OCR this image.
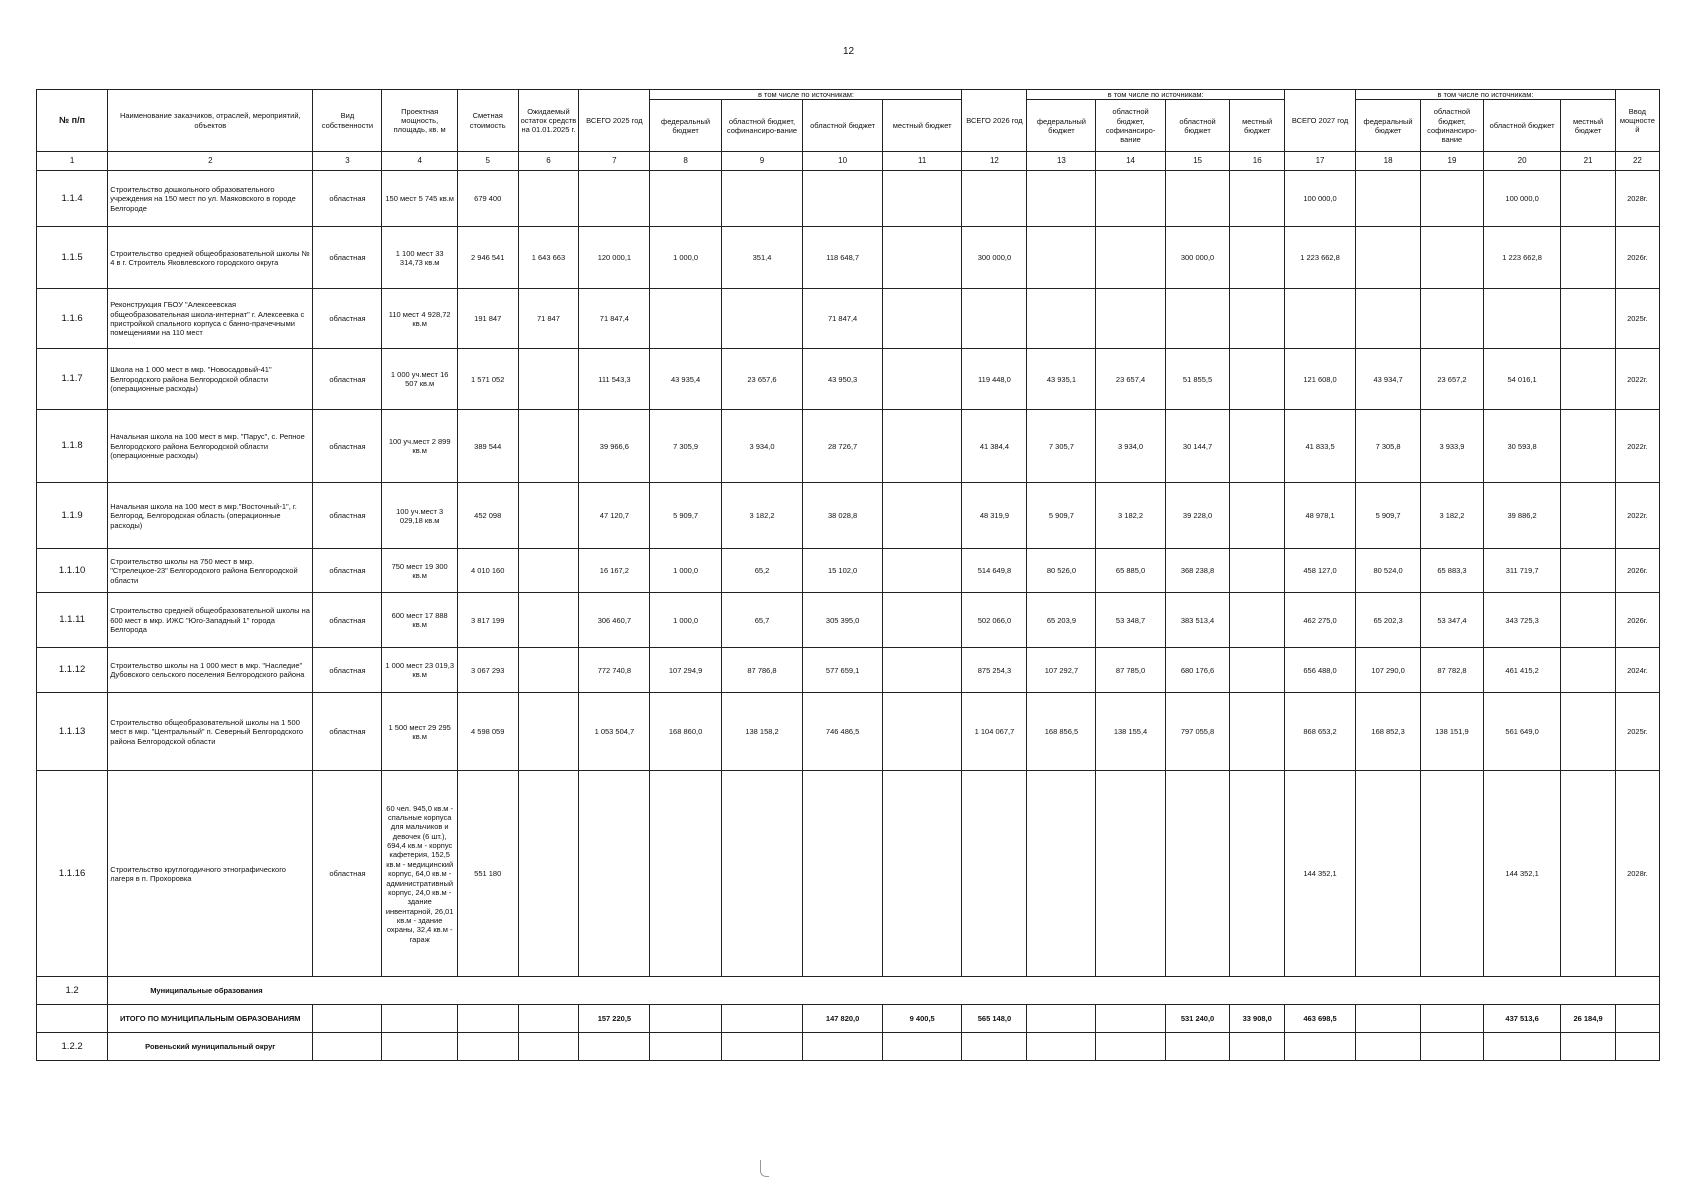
12
№ п/п	Наименование заказчиков, отраслей, мероприятий, объектов	Вид собственности	Проектная мощность, площадь, кв. м	Сметная стоимость	Ожидаемый остаток средств на 01.01.2025 г.	ВСЕГО 2025 год	в том числе по источникам:				ВСЕГО 2026 год	в том числе по источникам:				ВСЕГО 2027 год	в том числе по источникам:				Ввод мощностей
							федеральный бюджет	областной бюджет, софинансиро-вание	областной бюджет	местный бюджет		федеральный бюджет	областной бюджет, софинансиро-вание	областной бюджет	местный бюджет		федеральный бюджет	областной бюджет, софинансиро-вание	областной бюджет	местный бюджет	
1	2	3	4	5	6	7	8	9	10	11	12	13	14	15	16	17	18	19	20	21	22
1.1.4	Строительство дошкольного образовательного учреждения на 150 мест по ул. Маяковского в городе Белгороде	областная	150 мест 5 745 кв.м	679 400												100 000,0			100 000,0		2028г.
1.1.5	Строительство средней общеобразовательной школы № 4 в г. Строитель Яковлевского городского округа	областная	1 100 мест 33 314,73 кв.м	2 946 541	1 643 663	120 000,1	1 000,0	351,4	118 648,7		300 000,0			300 000,0		1 223 662,8			1 223 662,8		2026г.
1.1.6	Реконструкция ГБОУ "Алексеевская общеобразовательная школа-интернат" г. Алексеевка с пристройкой спального корпуса с банно-прачечными помещениями на 110 мест	областная	110 мест 4 928,72 кв.м	191 847	71 847	71 847,4			71 847,4												2025г.
1.1.7	Школа на 1 000 мест в мкр. "Новосадовый-41" Белгородского района Белгородской области (операционные расходы)	областная	1 000 уч.мест 16 507 кв.м	1 571 052		111 543,3	43 935,4	23 657,6	43 950,3		119 448,0	43 935,1	23 657,4	51 855,5		121 608,0	43 934,7	23 657,2	54 016,1		2022г.
1.1.8	Начальная школа на 100 мест в мкр. "Парус", с. Репное Белгородского района Белгородской области (операционные расходы)	областная	100 уч.мест 2 899 кв.м	389 544		39 966,6	7 305,9	3 934,0	28 726,7		41 384,4	7 305,7	3 934,0	30 144,7		41 833,5	7 305,8	3 933,9	30 593,8		2022г.
1.1.9	Начальная школа на 100 мест в мкр."Восточный-1", г. Белгород, Белгородская область (операционные расходы)	областная	100 уч.мест 3 029,18 кв.м	452 098		47 120,7	5 909,7	3 182,2	38 028,8		48 319,9	5 909,7	3 182,2	39 228,0		48 978,1	5 909,7	3 182,2	39 886,2		2022г.
1.1.10	Строительство школы на 750 мест в мкр. "Стрелецкое-23" Белгородского района Белгородской области	областная	750 мест 19 300 кв.м	4 010 160		16 167,2	1 000,0	65,2	15 102,0		514 649,8	80 526,0	65 885,0	368 238,8		458 127,0	80 524,0	65 883,3	311 719,7		2026г.
1.1.11	Строительство средней общеобразовательной школы на 600 мест в мкр. ИЖС "Юго-Западный 1" города Белгорода	областная	600 мест 17 888 кв.м	3 817 199		306 460,7	1 000,0	65,7	305 395,0		502 066,0	65 203,9	53 348,7	383 513,4		462 275,0	65 202,3	53 347,4	343 725,3		2026г.
1.1.12	Строительство школы на 1 000 мест в мкр. "Наследие" Дубовского сельского поселения Белгородского района	областная	1 000 мест 23 019,3 кв.м	3 067 293		772 740,8	107 294,9	87 786,8	577 659,1		875 254,3	107 292,7	87 785,0	680 176,6		656 488,0	107 290,0	87 782,8	461 415,2		2024г.
1.1.13	Строительство общеобразовательной школы на 1 500 мест в мкр. "Центральный" п. Северный Белгородского района Белгородской области	областная	1 500 мест 29 295 кв.м	4 598 059		1 053 504,7	168 860,0	138 158,2	746 486,5		1 104 067,7	168 856,5	138 155,4	797 055,8		868 653,2	168 852,3	138 151,9	561 649,0		2025г.
1.1.16	Строительство круглогодичного этнографического лагеря в п. Прохоровка	областная	60 чел. 945,0 кв.м - спальные корпуса для мальчиков и девочек (6 шт.), 694,4 кв.м - корпус кафетерия, 152,5 кв.м - медицинский корпус, 64,0 кв.м - административный корпус, 24,0 кв.м - здание инвентарной, 26,01 кв.м - здание охраны, 32,4 кв.м - гараж	551 180												144 352,1			144 352,1		2028г.
1.2	Муниципальные образования																				
	ИТОГО ПО МУНИЦИПАЛЬНЫМ ОБРАЗОВАНИЯМ					157 220,5			147 820,0	9 400,5	565 148,0			531 240,0	33 908,0	463 698,5			437 513,6	26 184,9	
1.2.2	Ровеньский муниципальный округ																				
